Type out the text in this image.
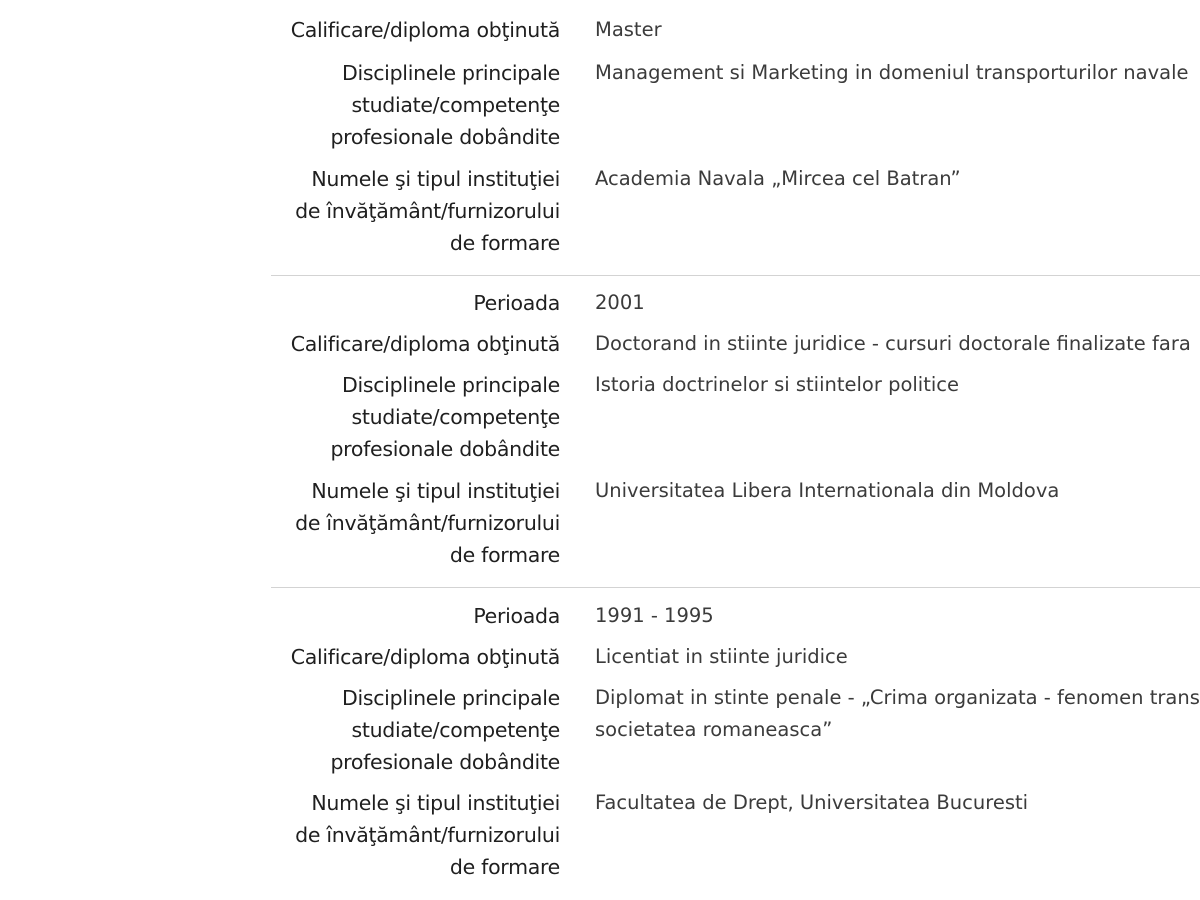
Calificare/diploma obţinută Master
Disciplinele principale
studiate/competenţe
profesionale dobândite
Management si Marketing in domeniul transporturilor navale
Numele şi tipul instituţiei
de învăţământ/furnizorului
de formare
Academia Navala „Mircea cel Batran”
Perioada 2001
Calificare/diploma obţinută Doctorand in stiinte juridice - cursuri doctorale finalizate fara
Disciplinele principale
studiate/competenţe
profesionale dobândite
Istoria doctrinelor si stiintelor politice
Numele şi tipul instituţiei
de învăţământ/furnizorului
de formare
Universitatea Libera Internationala din Moldova
Perioada 1991 - 1995
Calificare/diploma obţinută Licentiat in stiinte juridice
Disciplinele principale
studiate/competenţe
profesionale dobândite
Diplomat in stinte penale - „Crima organizata - fenomen trans
societatea romaneasca”
Numele şi tipul instituţiei
de învăţământ/furnizorului
de formare
Facultatea de Drept, Universitatea Bucuresti
